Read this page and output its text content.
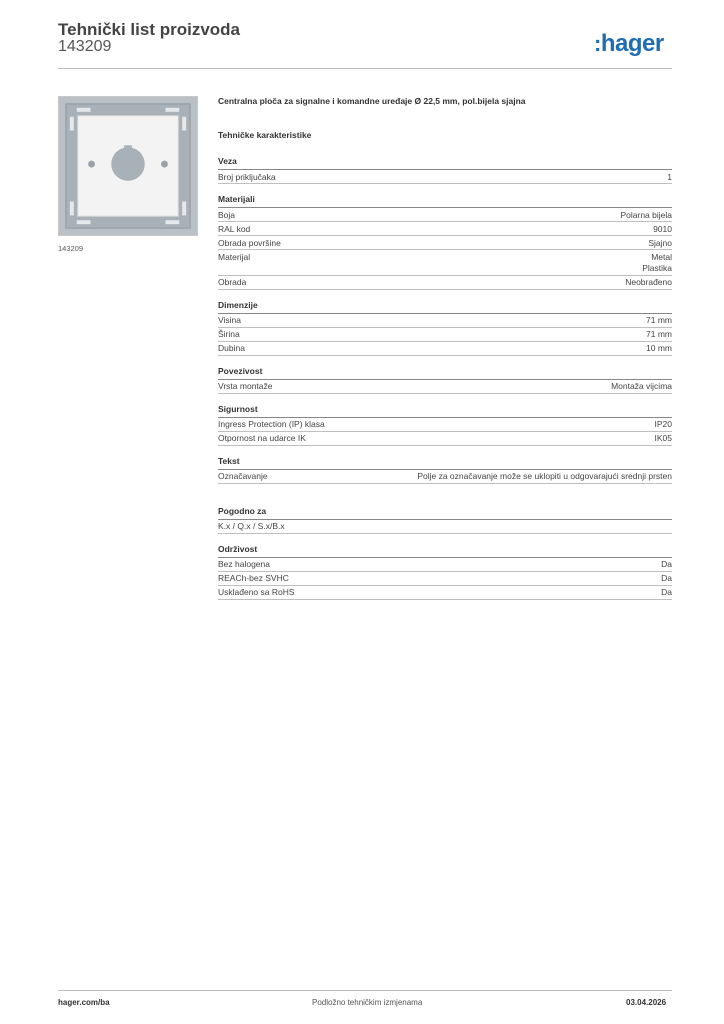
Tehnički list proizvoda
143209	:hager
143209
Centralna ploča za signalne i komandne uređaje Ø 22,5 mm, pol.bijela sjajna
Tehničke karakteristike
Veza
Broj priključaka	1
Materijali
Boja	Polarna bijela
RAL kod	9010
Obrada površine	Sjajno
Materijal	Metal
Plastika
Obrada	Neobrađeno
Dimenzije
Visina	71 mm
Širina	71 mm
Dubina	10 mm
Povezivost
Vrsta montaže	Montaža vijcima
Sigurnost
Ingress Protection (IP) klasa	IP20
Otpornost na udarce IK	IK05
Tekst
Označavanje	Polje za označavanje može se uklopiti u odgovarajući srednji prsten
Pogodno za
K.x / Q.x / S.x/B.x
Održivost
Bez halogena	Da
REACh-bez SVHC	Da
Usklađeno sa RoHS	Da
hager.com/ba	Podložno tehničkim izmjenama	03.04.2026
